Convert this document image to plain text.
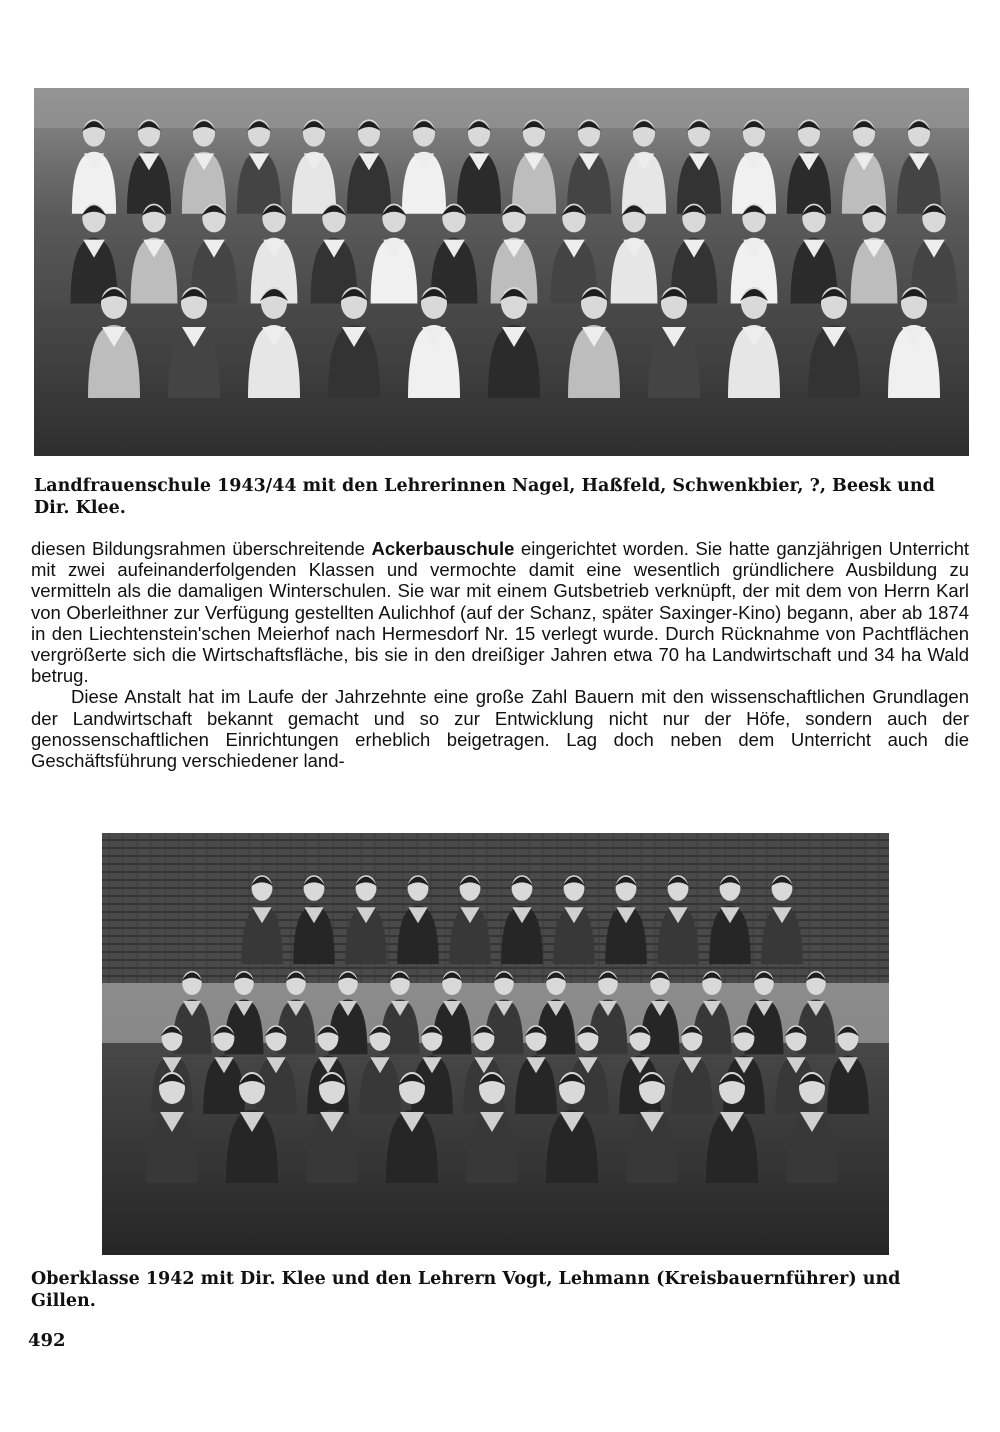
Landfrauenschule 1943/44 mit den Lehrerinnen Nagel, Haßfeld, Schwenkbier, ?, Beesk und Dir. Klee.

diesen Bildungsrahmen überschreitende Ackerbauschule eingerichtet worden. Sie hatte ganzjährigen Unterricht mit zwei aufeinanderfolgenden Klassen und vermochte damit eine wesentlich gründlichere Ausbildung zu vermitteln als die damaligen Winterschulen. Sie war mit einem Gutsbetrieb verknüpft, der mit dem von Herrn Karl von Oberleithner zur Verfügung gestellten Aulichhof (auf der Schanz, später Saxinger-Kino) begann, aber ab 1874 in den Liechtenstein'schen Meierhof nach Hermesdorf Nr. 15 verlegt wurde. Durch Rücknahme von Pachtflächen vergrößerte sich die Wirtschaftsfläche, bis sie in den dreißiger Jahren etwa 70 ha Landwirtschaft und 34 ha Wald betrug.

Diese Anstalt hat im Laufe der Jahrzehnte eine große Zahl Bauern mit den wissenschaftlichen Grundlagen der Landwirtschaft bekannt gemacht und so zur Entwicklung nicht nur der Höfe, sondern auch der genossenschaftlichen Einrichtungen erheblich beigetragen. Lag doch neben dem Unterricht auch die Geschäftsführung verschiedener land-

Oberklasse 1942 mit Dir. Klee und den Lehrern Vogt, Lehmann (Kreisbauernführer) und Gillen.

492
